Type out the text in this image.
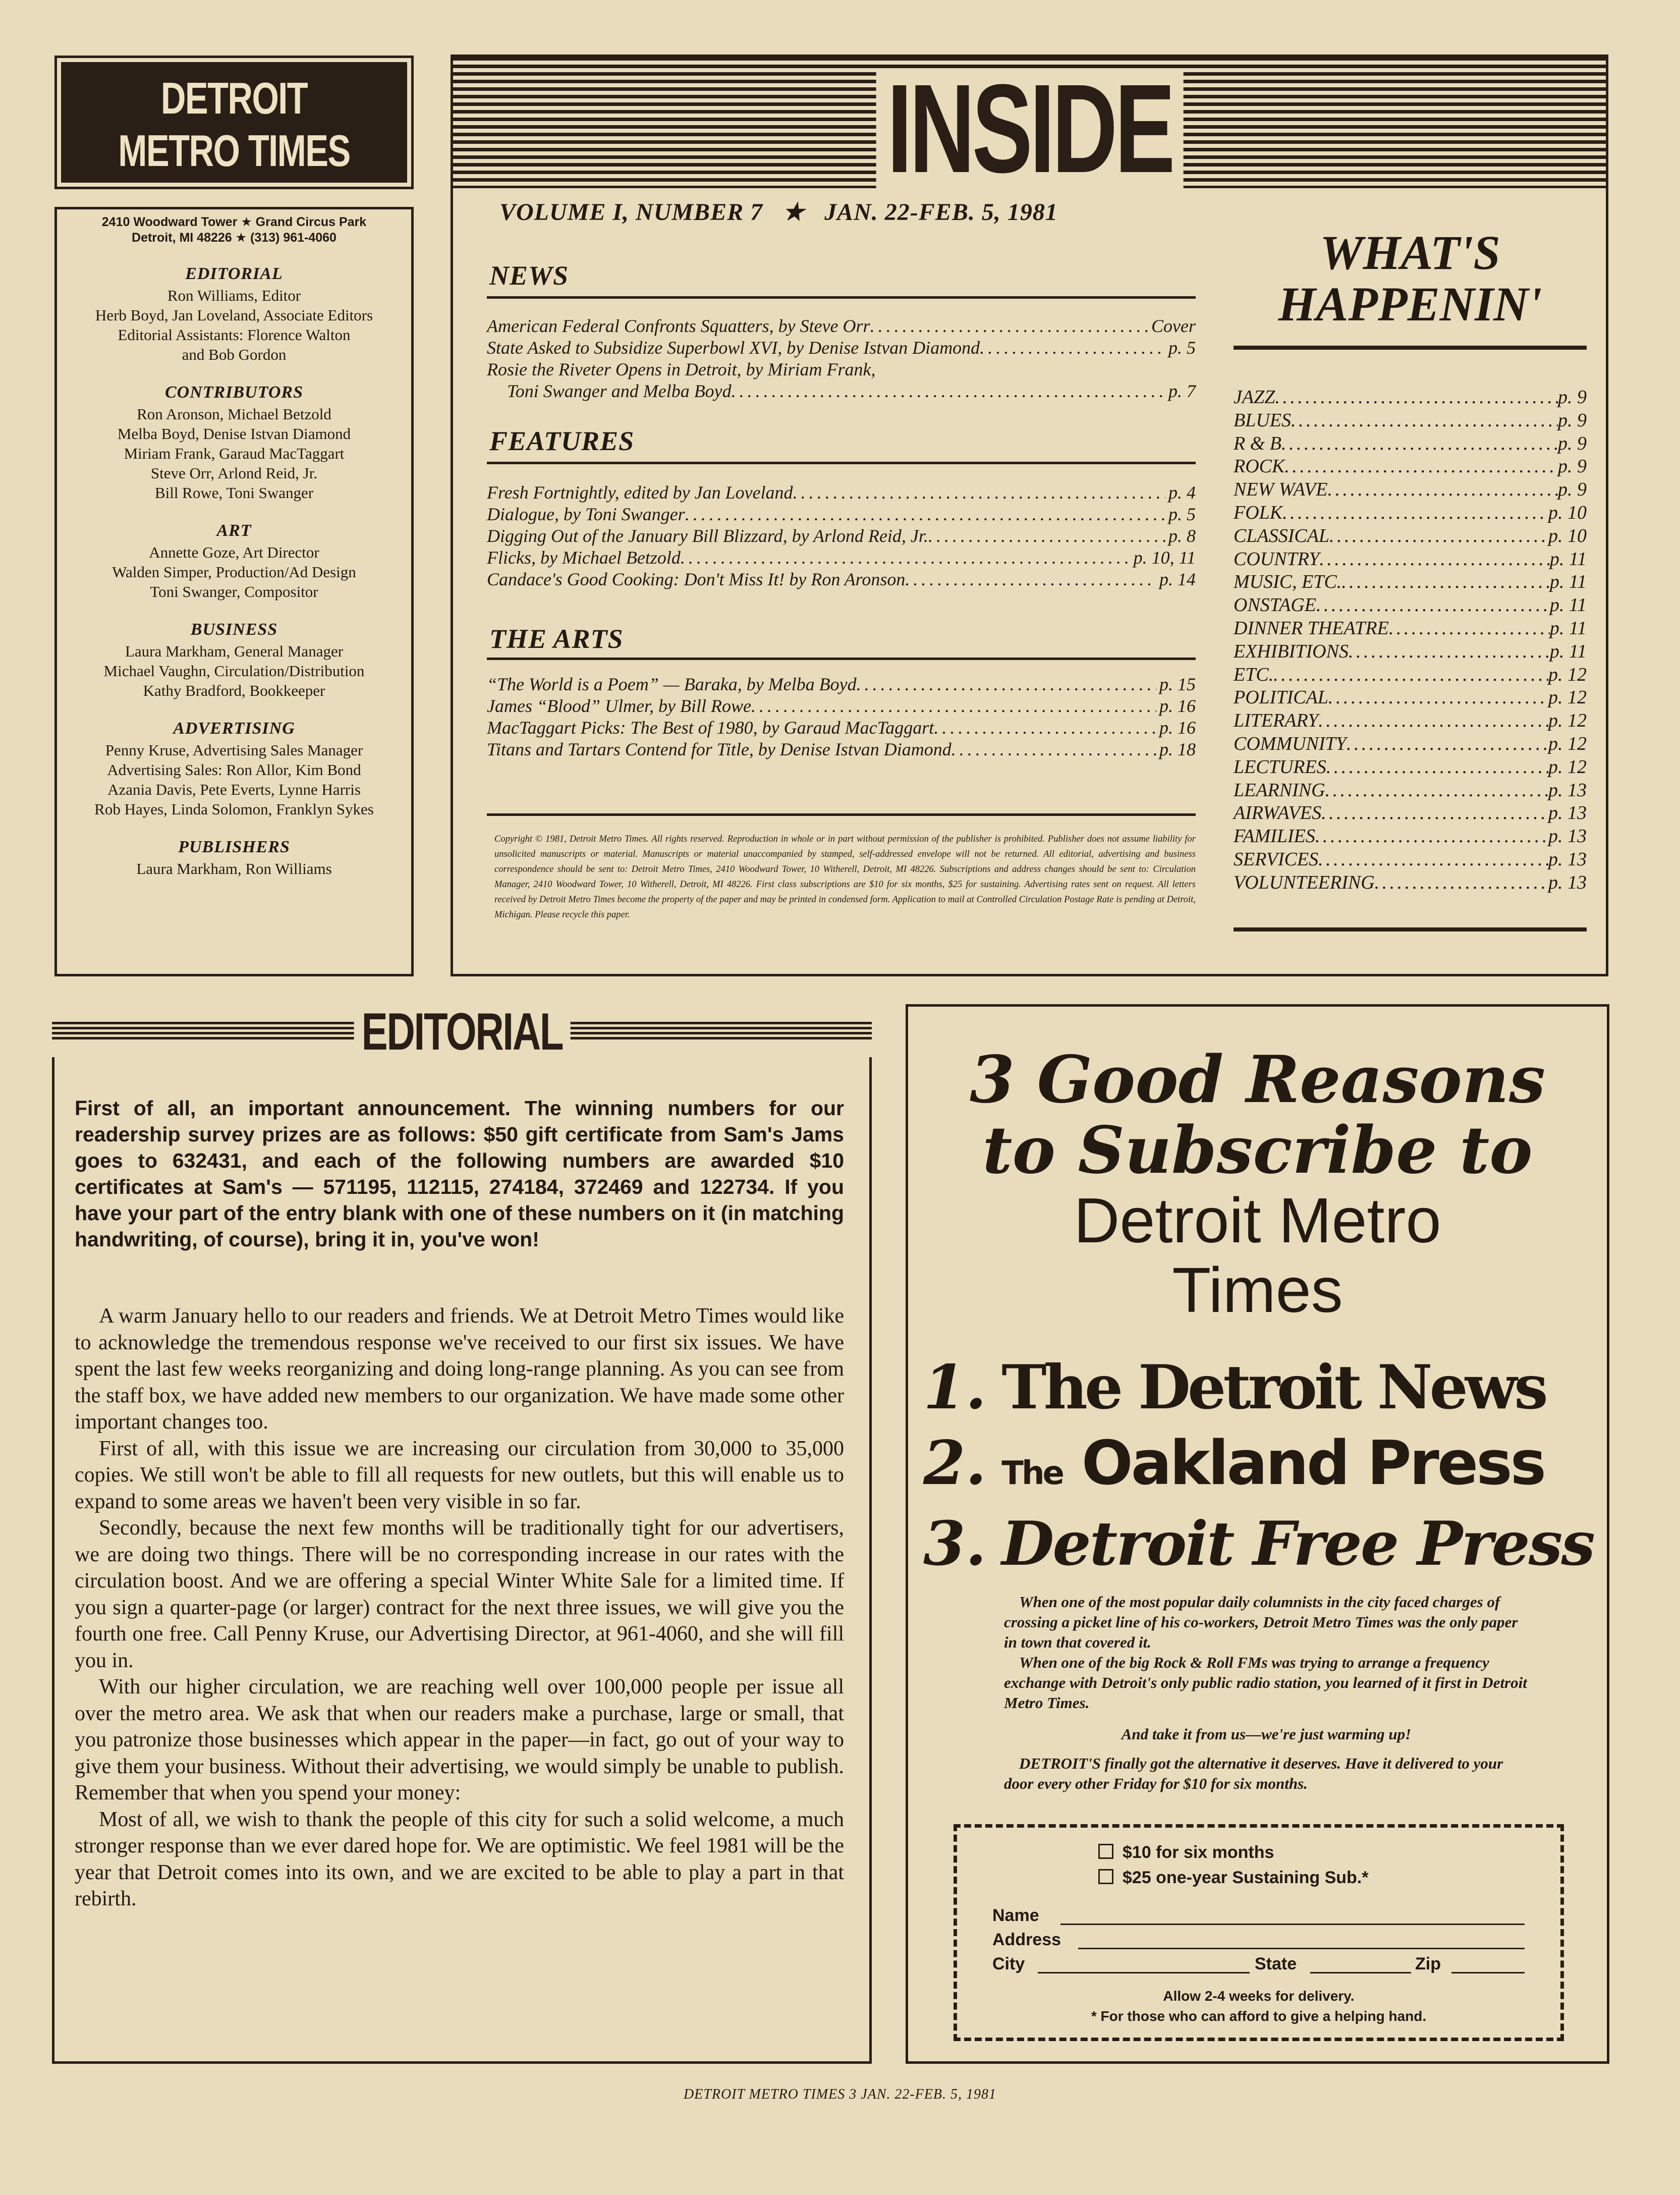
DETROIT
METRO TIMES
2410 Woodward Tower ★ Grand Circus Park
Detroit, MI 48226 ★ (313) 961-4060
EDITORIAL
Ron Williams, Editor
Herb Boyd, Jan Loveland, Associate Editors
Editorial Assistants: Florence Walton
and Bob Gordon
CONTRIBUTORS
Ron Aronson, Michael Betzold
Melba Boyd, Denise Istvan Diamond
Miriam Frank, Garaud MacTaggart
Steve Orr, Arlond Reid, Jr.
Bill Rowe, Toni Swanger
ART
Annette Goze, Art Director
Walden Simper, Production/Ad Design
Toni Swanger, Compositor
BUSINESS
Laura Markham, General Manager
Michael Vaughn, Circulation/Distribution
Kathy Bradford, Bookkeeper
ADVERTISING
Penny Kruse, Advertising Sales Manager
Advertising Sales: Ron Allor, Kim Bond
Azania Davis, Pete Everts, Lynne Harris
Rob Hayes, Linda Solomon, Franklyn Sykes
PUBLISHERS
Laura Markham, Ron Williams
INSIDE
VOLUME I, NUMBER 7   ★   JAN. 22-FEB. 5, 1981
NEWS
American Federal Confronts Squatters, by Steve Orr . . .	Cover
State Asked to Subsidize Superbowl XVI, by Denise Istvan Diamond . . .	p. 5
Rosie the Riveter Opens in Detroit, by Miriam Frank,
Toni Swanger and Melba Boyd . . .	p. 7
FEATURES
Fresh Fortnightly, edited by Jan Loveland . . .	p. 4
Dialogue, by Toni Swanger . . .	p. 5
Digging Out of the January Bill Blizzard, by Arlond Reid, Jr. . . .	p. 8
Flicks, by Michael Betzold . . .	p. 10, 11
Candace's Good Cooking: Don't Miss It! by Ron Aronson . . .	p. 14
THE ARTS
“The World is a Poem” — Baraka, by Melba Boyd . . .	p. 15
James “Blood” Ulmer, by Bill Rowe . . .	p. 16
MacTaggart Picks: The Best of 1980, by Garaud MacTaggart . . .	p. 16
Titans and Tartars Contend for Title, by Denise Istvan Diamond . . .	p. 18
Copyright © 1981, Detroit Metro Times. All rights reserved. Reproduction in whole or in part without permission of the publisher is prohibited. Publisher does not assume liability for unsolicited manuscripts or material. Manuscripts or material unaccompanied by stamped, self-addressed envelope will not be returned. All editorial, advertising and business correspondence should be sent to: Detroit Metro Times, 2410 Woodward Tower, 10 Witherell, Detroit, MI 48226. Subscriptions and address changes should be sent to: Circulation Manager, 2410 Woodward Tower, 10 Witherell, Detroit, MI 48226. First class subscriptions are $10 for six months, $25 for sustaining. Advertising rates sent on request. All letters received by Detroit Metro Times become the property of the paper and may be printed in condensed form. Application to mail at Controlled Circulation Postage Rate is pending at Detroit, Michigan. Please recycle this paper.
WHAT'S
HAPPENIN'
JAZZ . . .	p. 9
BLUES . . .	p. 9
R & B . . .	p. 9
ROCK . . .	p. 9
NEW WAVE . . .	p. 9
FOLK . . .	p. 10
CLASSICAL . . .	p. 10
COUNTRY . . .	p. 11
MUSIC, ETC. . . .	p. 11
ONSTAGE . . .	p. 11
DINNER THEATRE . . .	p. 11
EXHIBITIONS . . .	p. 11
ETC. . . .	p. 12
POLITICAL . . .	p. 12
LITERARY . . .	p. 12
COMMUNITY . . .	p. 12
LECTURES . . .	p. 12
LEARNING . . .	p. 13
AIRWAVES . . .	p. 13
FAMILIES . . .	p. 13
SERVICES . . .	p. 13
VOLUNTEERING . . .	p. 13
EDITORIAL

First of all, an important announcement. The winning numbers for our readership survey prizes are as follows: $50 gift certificate from Sam's Jams goes to 632431, and each of the following numbers are awarded $10 certificates at Sam's — 571195, 112115, 274184, 372469 and 122734. If you have your part of the entry blank with one of these numbers on it (in matching handwriting, of course), bring it in, you've won!

A warm January hello to our readers and friends. We at Detroit Metro Times would like to acknowledge the tremendous response we've received to our first six issues. We have spent the last few weeks reorganizing and doing long-range planning. As you can see from the staff box, we have added new members to our organization. We have made some other important changes too.

First of all, with this issue we are increasing our circulation from 30,000 to 35,000 copies. We still won't be able to fill all requests for new outlets, but this will enable us to expand to some areas we haven't been very visible in so far.

Secondly, because the next few months will be traditionally tight for our advertisers, we are doing two things. There will be no corresponding increase in our rates with the circulation boost. And we are offering a special Winter White Sale for a limited time. If you sign a quarter-page (or larger) contract for the next three issues, we will give you the fourth one free. Call Penny Kruse, our Advertising Director, at 961-4060, and she will fill you in.

With our higher circulation, we are reaching well over 100,000 people per issue all over the metro area. We ask that when our readers make a purchase, large or small, that you patronize those businesses which appear in the paper—in fact, go out of your way to give them your business. Without their advertising, we would simply be unable to publish. Remember that when you spend your money:

Most of all, we wish to thank the people of this city for such a solid welcome, a much stronger response than we ever dared hope for. We are optimistic. We feel 1981 will be the year that Detroit comes into its own, and we are excited to be able to play a part in that rebirth.

3 Good Reasons
to Subscribe to
Detroit Metro
Times
1. The Detroit News
2. The Oakland Press
3. Detroit Free Press

When one of the most popular daily columnists in the city faced charges of crossing a picket line of his co-workers, Detroit Metro Times was the only paper in town that covered it.

When one of the big Rock & Roll FMs was trying to arrange a frequency exchange with Detroit's only public radio station, you learned of it first in Detroit Metro Times.

And take it from us—we're just warming up!

DETROIT'S finally got the alternative it deserves. Have it delivered to your door every other Friday for $10 for six months.

$10 for six months
$25 one-year Sustaining Sub.*
Name
Address
City	State	Zip
Allow 2-4 weeks for delivery.
* For those who can afford to give a helping hand.
DETROIT METRO TIMES 3 JAN. 22-FEB. 5, 1981
